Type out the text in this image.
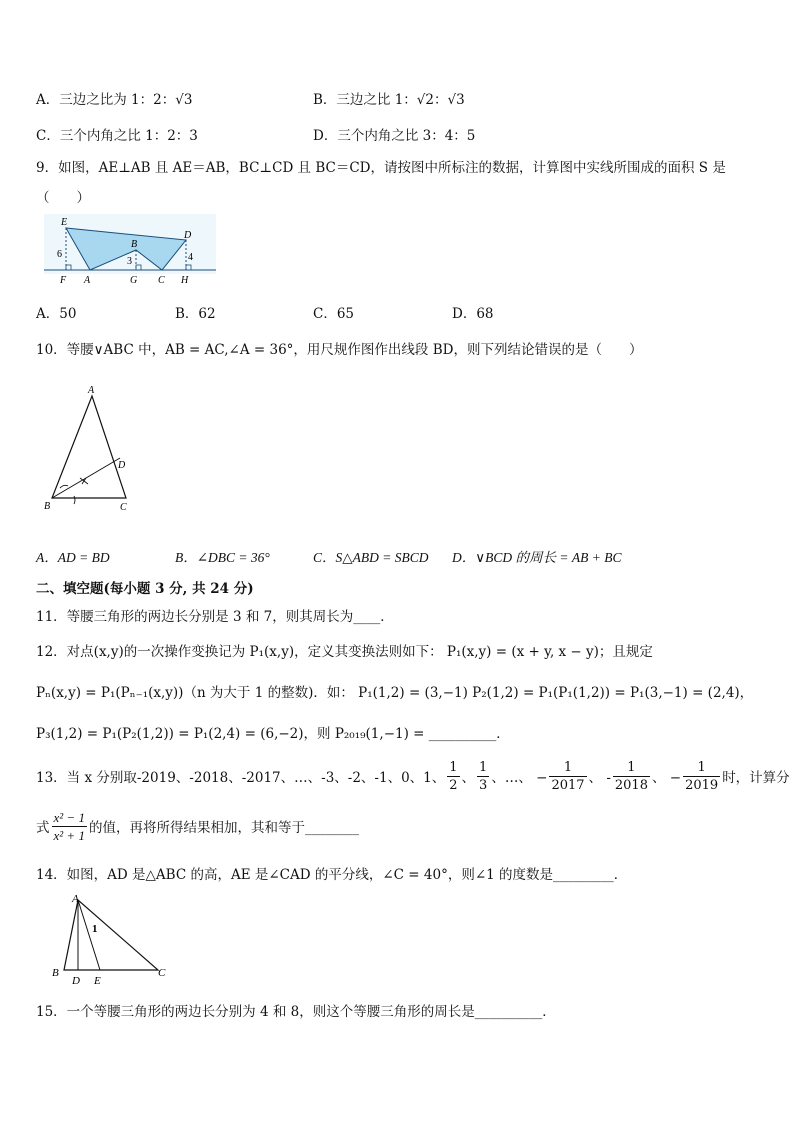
A．三边之比为 1：2：√3	B．三边之比 1：√2：√3
C．三个内角之比 1：2：3	D．三个内角之比 3：4：5
9．如图，AE⊥AB 且 AE＝AB，BC⊥CD 且 BC＝CD，请按图中所标注的数据，计算图中实线所围成的面积 S 是
（　　）
E
B
D
F A	G C H
6
3	4
A．50	B．62	C．65	D．68
10．等腰∨ABC 中，AB = AC,∠A = 36°，用尺规作图作出线段 BD，则下列结论错误的是（　　）
A
B	C
D
A．AD = BD	B．∠DBC = 36°	C．S△ABD = SBCD D．∨BCD 的周长 = AB + BC
二、填空题(每小题 3 分, 共 24 分)
11．等腰三角形的两边长分别是 3 和 7，则其周长为____．
12．对点(x,y)的一次操作变换记为 P₁(x,y)，定义其变换法则如下： P₁(x,y) = (x + y, x − y)；且规定
Pₙ(x,y) = P₁(Pₙ₋₁(x,y))（n 为大于 1 的整数)．如： P₁(1,2) = (3,−1) P₂(1,2) = P₁(P₁(1,2)) = P₁(3,−1) = (2,4)，
P₃(1,2) = P₁(P₂(1,2)) = P₁(2,4) = (6,−2)，则 P₂₀₁₉(1,−1) = __________．
13．当 x 分别取-2019、-2018、-2017、…、-3、-2、-1、0、1、 $\frac{1}{2}$ 、 $\frac{1}{3}$ 、…、 − $\frac{1}{2017}$ 、 - $\frac{1}{2018}$ 、 − $\frac{1}{2019}$ 时，计算分
式 $\frac{\text{x² − 1}}{\text{x² + 1}}$ 的值，再将所得结果相加，其和等于________
14．如图，AD 是△ABC 的高，AE 是∠CAD 的平分线，∠C = 40°，则∠1 的度数是_________．
A
B
D E
C
1
15．一个等腰三角形的两边长分别为 4 和 8，则这个等腰三角形的周长是__________．
